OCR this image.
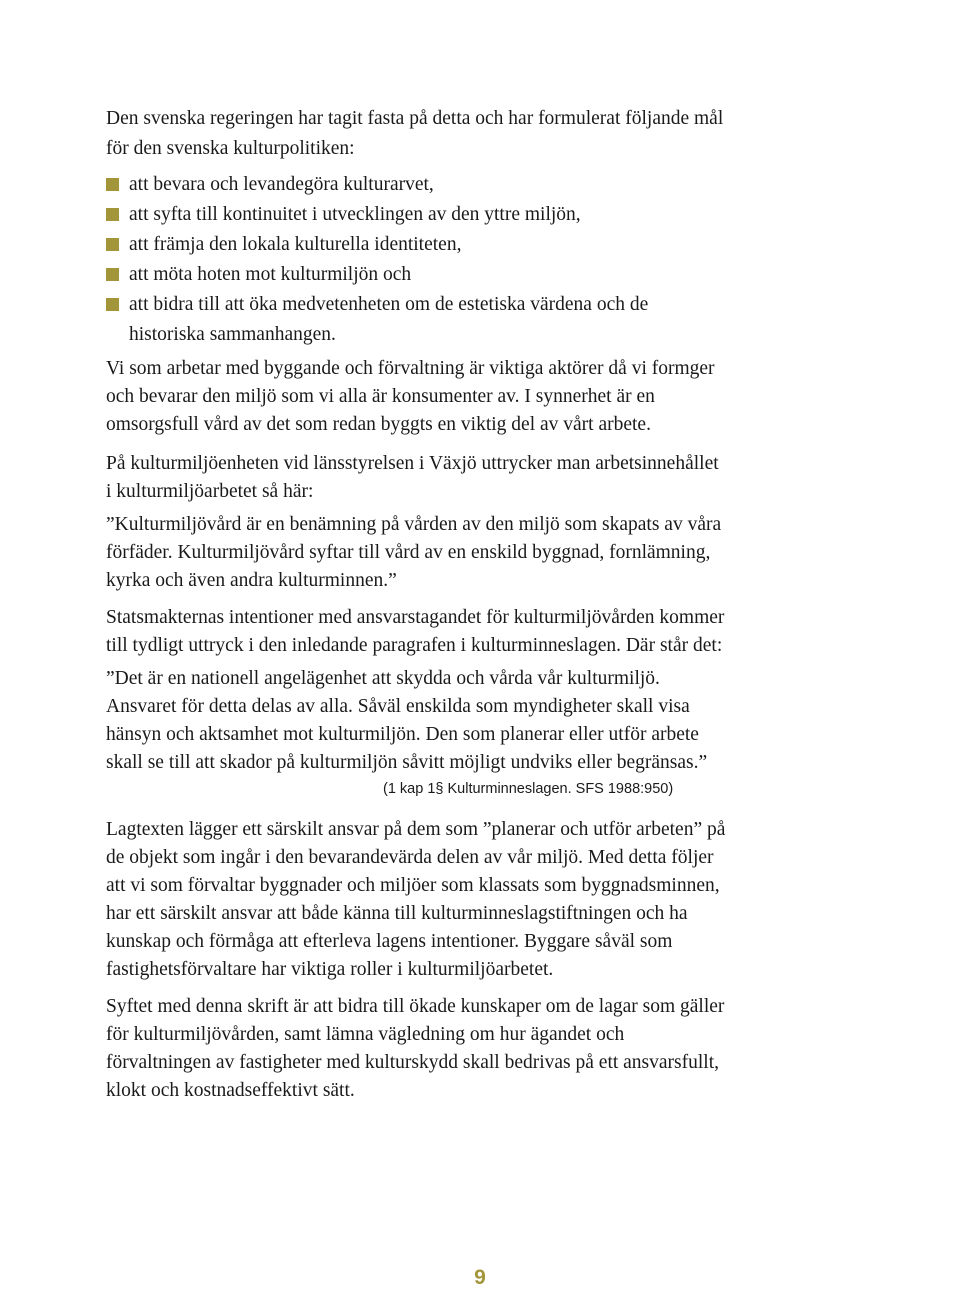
Den svenska regeringen har tagit fasta på detta och har formulerat följande mål för den svenska kulturpolitiken:

att bevara och levandegöra kulturarvet,
att syfta till kontinuitet i utvecklingen av den yttre miljön,
att främja den lokala kulturella identiteten,
att möta hoten mot kulturmiljön och
att bidra till att öka medvetenheten om de estetiska värdena och de historiska sammanhangen.

Vi som arbetar med byggande och förvaltning är viktiga aktörer då vi formger och bevarar den miljö som vi alla är konsumenter av. I synnerhet är en omsorgsfull vård av det som redan byggts en viktig del av vårt arbete.

På kulturmiljöenheten vid länsstyrelsen i Växjö uttrycker man arbetsinnehållet i kulturmiljöarbetet så här:

”Kulturmiljövård är en benämning på vården av den miljö som skapats av våra förfäder. Kulturmiljövård syftar till vård av en enskild byggnad, fornlämning, kyrka och även andra kulturminnen.”

Statsmakternas intentioner med ansvarstagandet för kulturmiljövården kommer till tydligt uttryck i den inledande paragrafen i kulturminneslagen. Där står det:

”Det är en nationell angelägenhet att skydda och vårda vår kulturmiljö. Ansvaret för detta delas av alla. Såväl enskilda som myndigheter skall visa hänsyn och aktsamhet mot kulturmiljön. Den som planerar eller utför arbete skall se till att skador på kulturmiljön såvitt möjligt undviks eller begränsas.”

(1 kap 1§ Kulturminneslagen. SFS 1988:950)

Lagtexten lägger ett särskilt ansvar på dem som ”planerar och utför arbeten” på de objekt som ingår i den bevarandevärda delen av vår miljö. Med detta följer att vi som förvaltar byggnader och miljöer som klassats som byggnadsminnen, har ett särskilt ansvar att både känna till kulturminneslagstiftningen och ha kunskap och förmåga att efterleva lagens intentioner. Byggare såväl som fastighetsförvaltare har viktiga roller i kulturmiljöarbetet.

Syftet med denna skrift är att bidra till ökade kunskaper om de lagar som gäller för kulturmiljövården, samt lämna vägledning om hur ägandet och förvaltningen av fastigheter med kulturskydd skall bedrivas på ett ansvarsfullt, klokt och kostnadseffektivt sätt.

9
